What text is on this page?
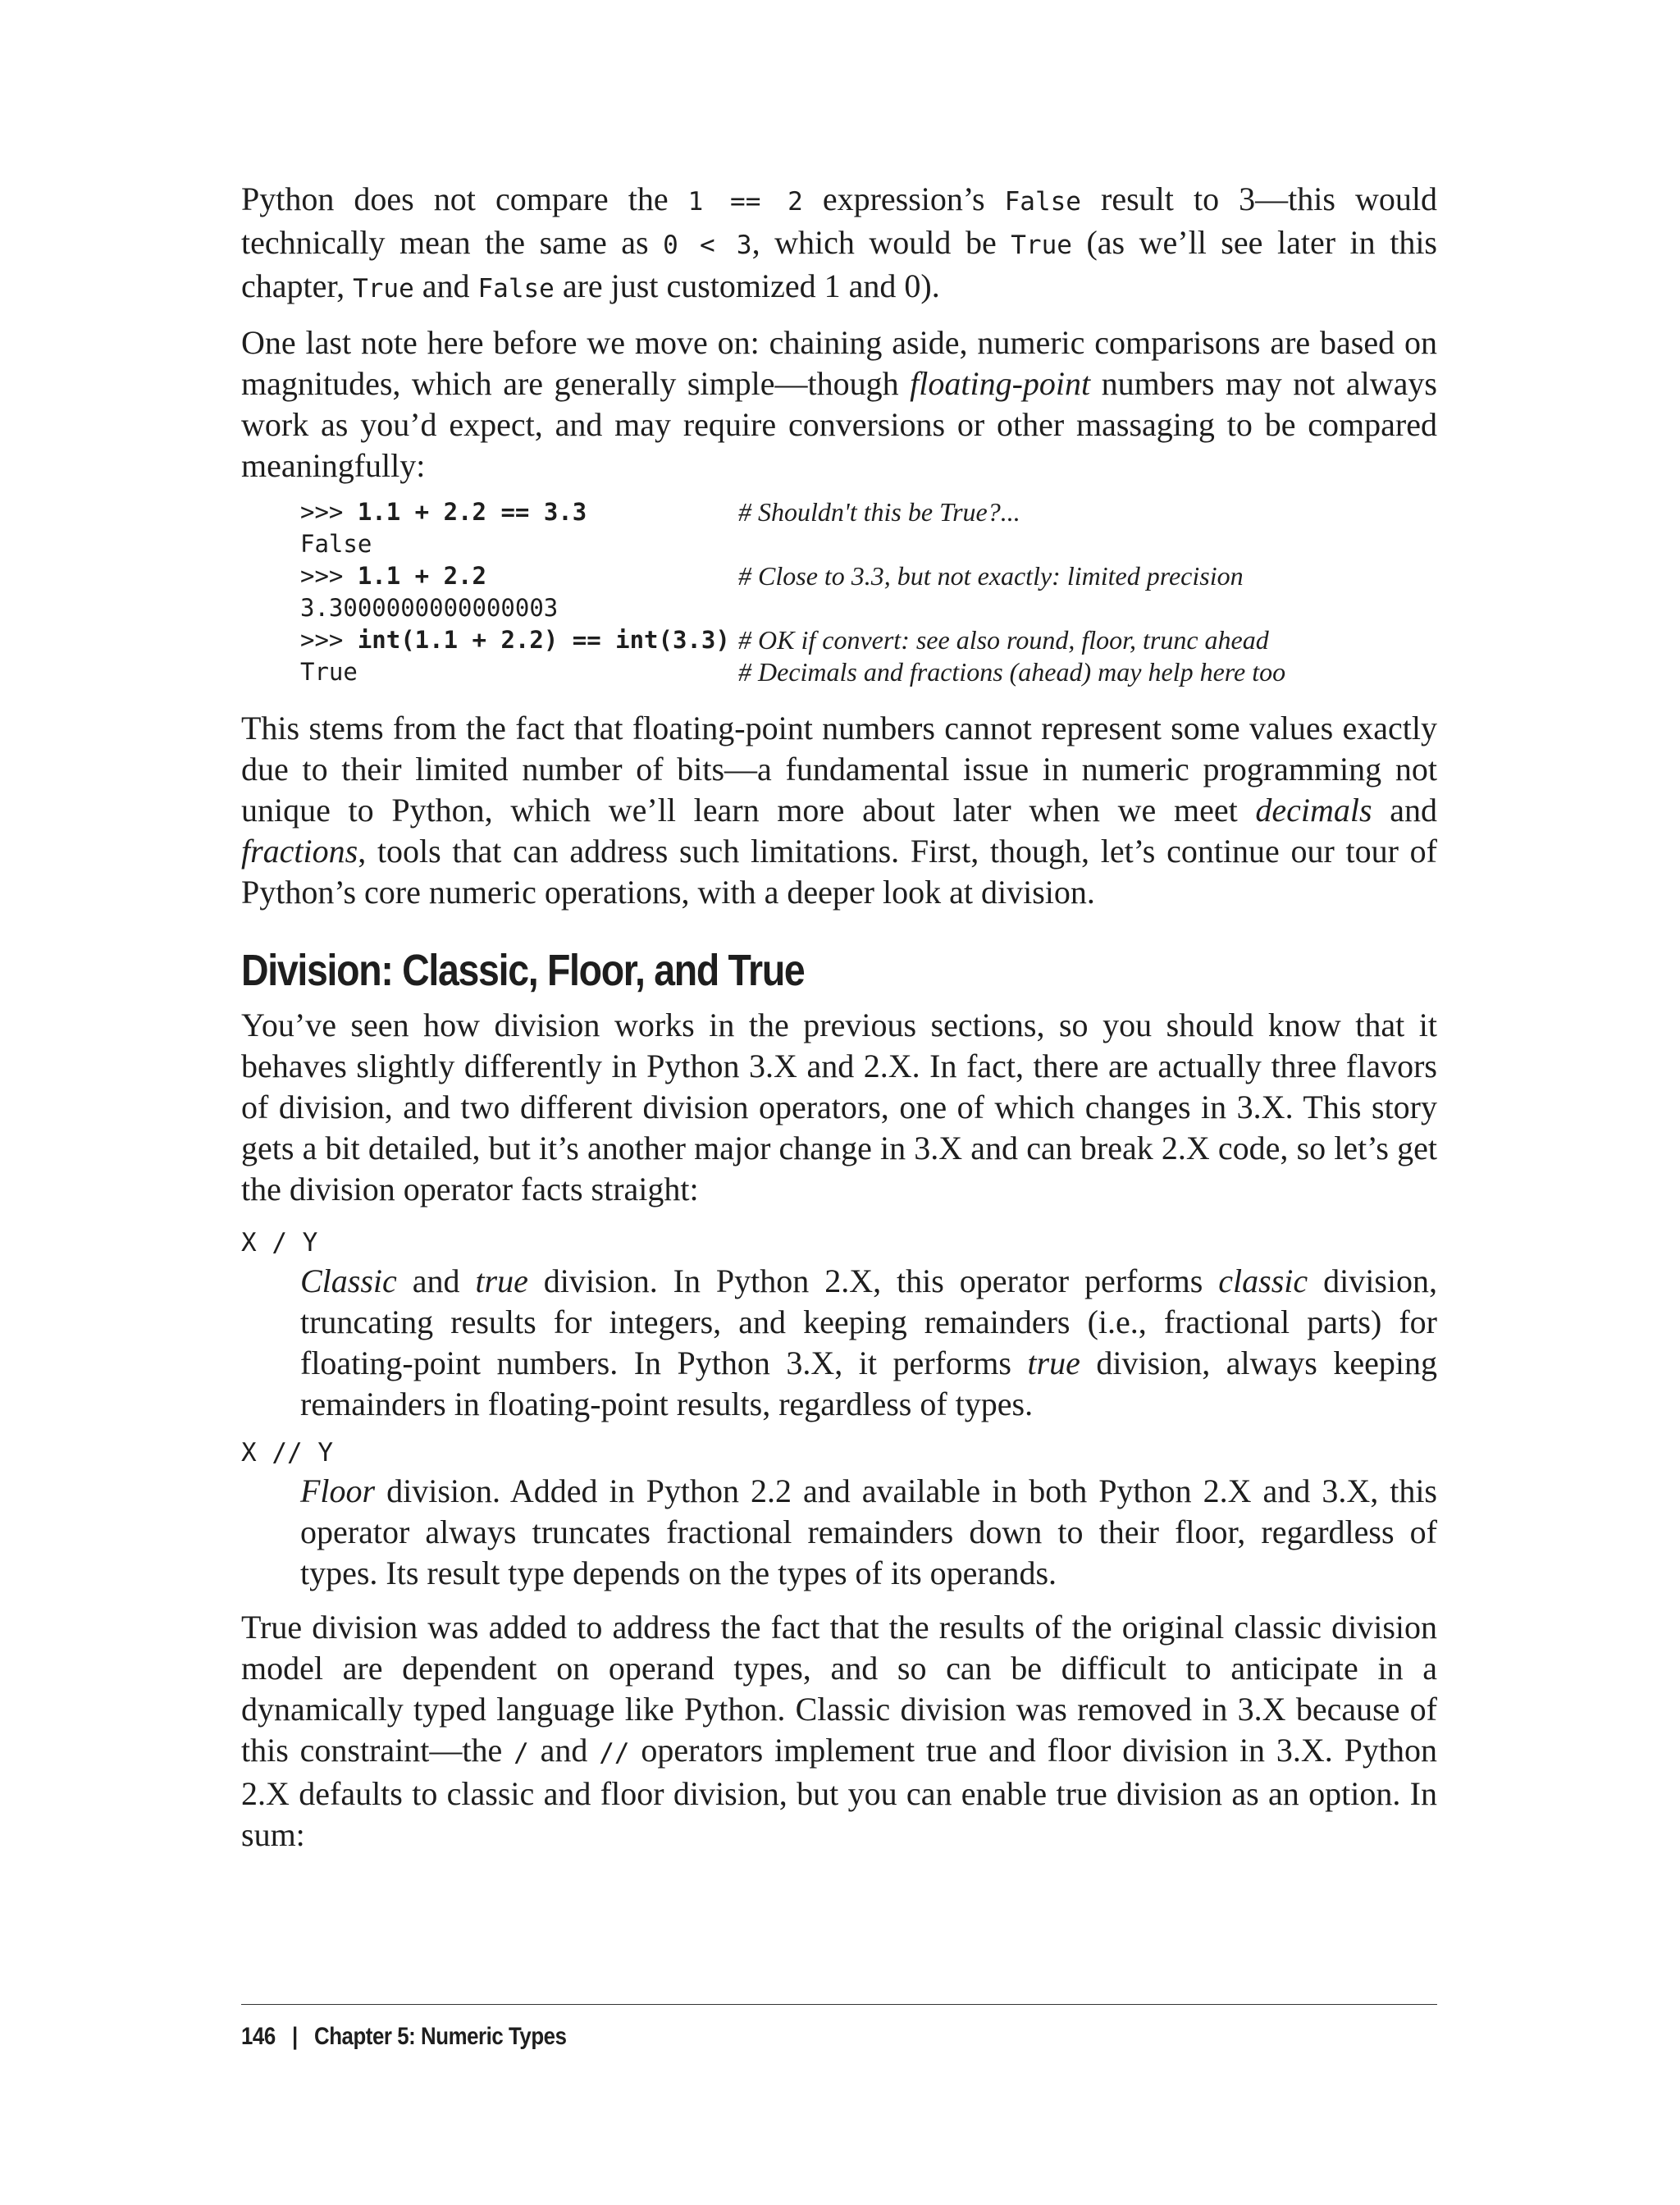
Python does not compare the 1 == 2 expression’s False result to 3—this would technically mean the same as 0 < 3, which would be True (as we’ll see later in this chapter, True and False are just customized 1 and 0).

One last note here before we move on: chaining aside, numeric comparisons are based on magnitudes, which are generally simple—though floating-point numbers may not always work as you’d expect, and may require conversions or other massaging to be compared meaningfully:

>>> 1.1 + 2.2 == 3.3	# Shouldn't this be True?...
False
>>> 1.1 + 2.2	# Close to 3.3, but not exactly: limited precision
3.3000000000000003
>>> int(1.1 + 2.2) == int(3.3) # OK if convert: see also round, floor, trunc ahead
True	# Decimals and fractions (ahead) may help here too

This stems from the fact that floating-point numbers cannot represent some values exactly due to their limited number of bits—a fundamental issue in numeric programming not unique to Python, which we’ll learn more about later when we meet decimals and fractions, tools that can address such limitations. First, though, let’s continue our tour of Python’s core numeric operations, with a deeper look at division.

Division: Classic, Floor, and True

You’ve seen how division works in the previous sections, so you should know that it behaves slightly differently in Python 3.X and 2.X. In fact, there are actually three flavors of division, and two different division operators, one of which changes in 3.X. This story gets a bit detailed, but it’s another major change in 3.X and can break 2.X code, so let’s get the division operator facts straight:

X / Y

Classic and true division. In Python 2.X, this operator performs classic division, truncating results for integers, and keeping remainders (i.e., fractional parts) for floating-point numbers. In Python 3.X, it performs true division, always keeping remainders in floating-point results, regardless of types.

X // Y

Floor division. Added in Python 2.2 and available in both Python 2.X and 3.X, this operator always truncates fractional remainders down to their floor, regardless of types. Its result type depends on the types of its operands.

True division was added to address the fact that the results of the original classic division model are dependent on operand types, and so can be difficult to anticipate in a dynamically typed language like Python. Classic division was removed in 3.X because of this constraint—the / and // operators implement true and floor division in 3.X. Python 2.X defaults to classic and floor division, but you can enable true division as an option. In sum:

146 | Chapter 5: Numeric Types
